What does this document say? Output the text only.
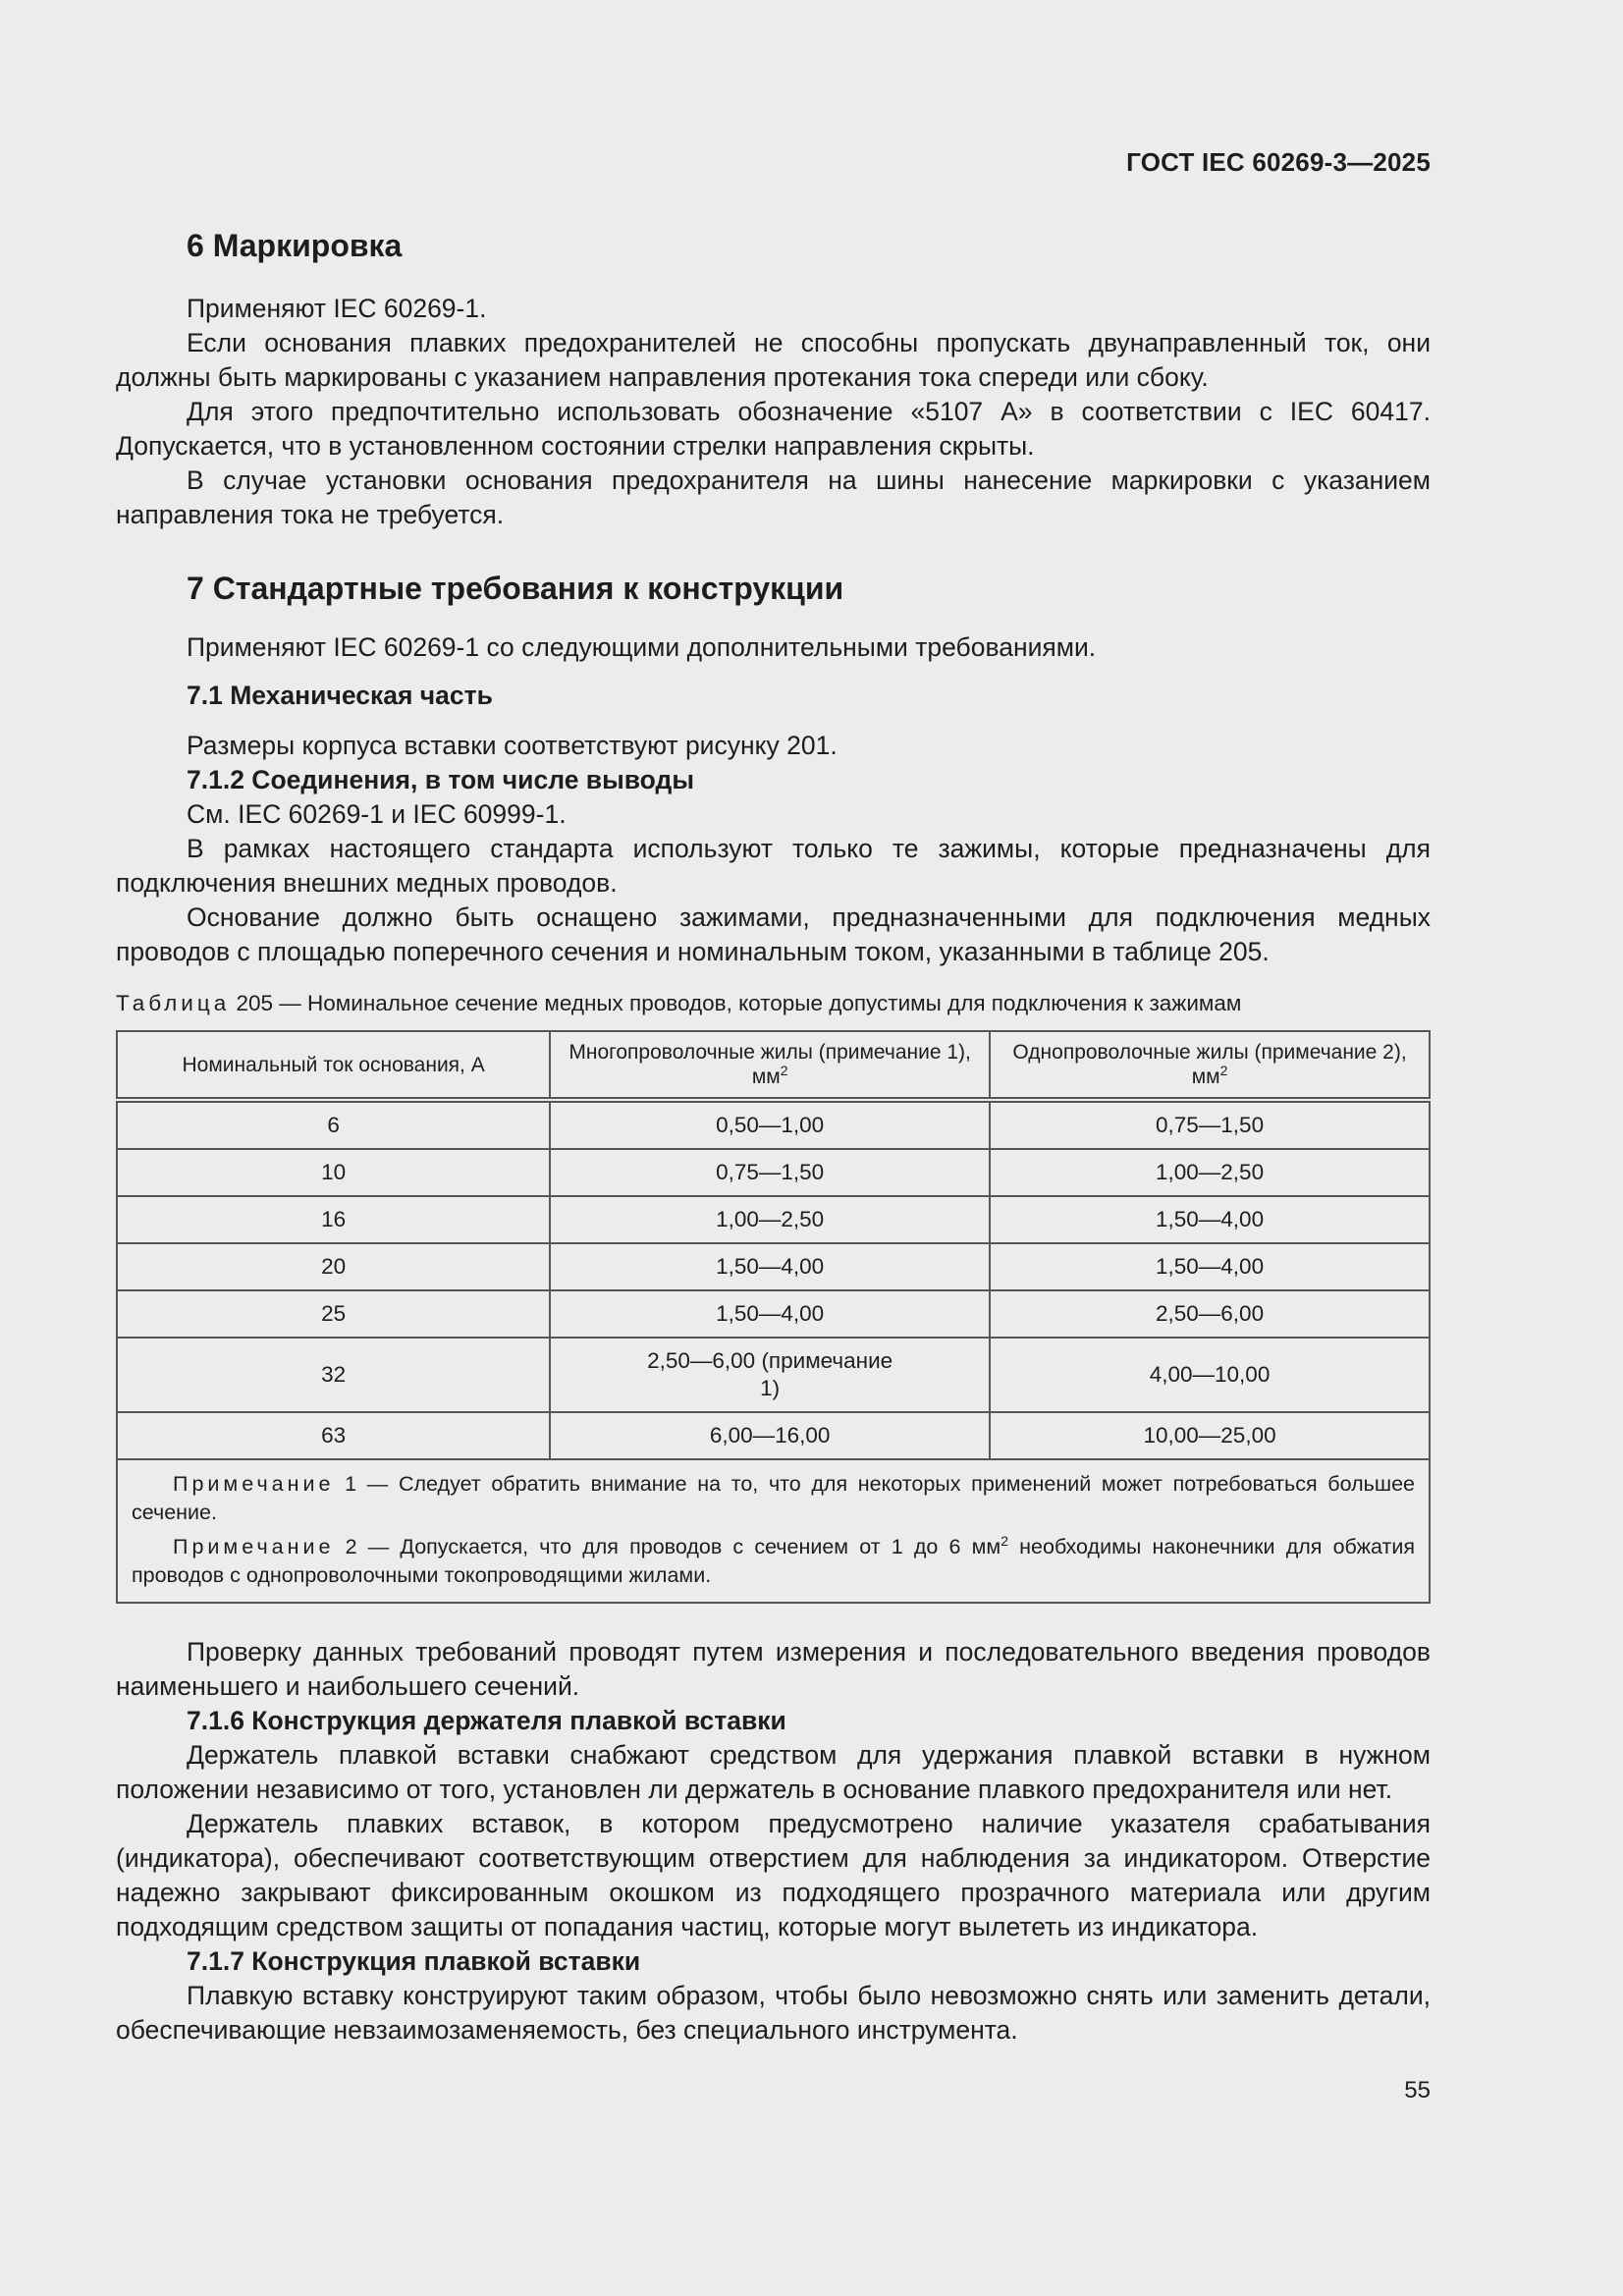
ГОСТ IEC 60269-3—2025
6 Маркировка

Применяют IEC 60269-1.

Если основания плавких предохранителей не способны пропускать двунаправленный ток, они должны быть маркированы с указанием направления протекания тока спереди или сбоку.

Для этого предпочтительно использовать обозначение «5107 А» в соответствии с IEC 60417. Допускается, что в установленном состоянии стрелки направления скрыты.

В случае установки основания предохранителя на шины нанесение маркировки с указанием направления тока не требуется.

7 Стандартные требования к конструкции

Применяют IEC 60269-1 со следующими дополнительными требованиями.

7.1 Механическая часть

Размеры корпуса вставки соответствуют рисунку 201.

7.1.2 Соединения, в том числе выводы

См. IEC 60269-1 и IEC 60999-1.

В рамках настоящего стандарта используют только те зажимы, которые предназначены для подключения внешних медных проводов.

Основание должно быть оснащено зажимами, предназначенными для подключения медных проводов с площадью поперечного сечения и номинальным током, указанными в таблице 205.

Таблица 205 — Номинальное сечение медных проводов, которые допустимы для подключения к зажимам
Номинальный ток основания, А	Многопроволочные жилы (примечание 1), $мм^2$	Однопроволочные жилы (примечание 2), $мм^2$
6	0,50—1,00	0,75—1,50
10	0,75—1,50	1,00—2,50
16	1,00—2,50	1,50—4,00
20	1,50—4,00	1,50—4,00
25	1,50—4,00	2,50—6,00
32	2,50—6,00 (примечание 1)	4,00—10,00
63	6,00—16,00	10,00—25,00

Примечание 1 — Следует обратить внимание на то, что для некоторых применений может потребоваться большее сечение.

Примечание 2 — Допускается, что для проводов с сечением от 1 до 6 $мм^2$ необходимы наконечники для обжатия проводов с однопроволочными токопроводящими жилами.		

Проверку данных требований проводят путем измерения и последовательного введения проводов наименьшего и наибольшего сечений.

7.1.6 Конструкция держателя плавкой вставки

Держатель плавкой вставки снабжают средством для удержания плавкой вставки в нужном положении независимо от того, установлен ли держатель в основание плавкого предохранителя или нет.

Держатель плавких вставок, в котором предусмотрено наличие указателя срабатывания (индикатора), обеспечивают соответствующим отверстием для наблюдения за индикатором. Отверстие надежно закрывают фиксированным окошком из подходящего прозрачного материала или другим подходящим средством защиты от попадания частиц, которые могут вылететь из индикатора.

7.1.7 Конструкция плавкой вставки

Плавкую вставку конструируют таким образом, чтобы было невозможно снять или заменить детали, обеспечивающие невзаимозаменяемость, без специального инструмента.

55
